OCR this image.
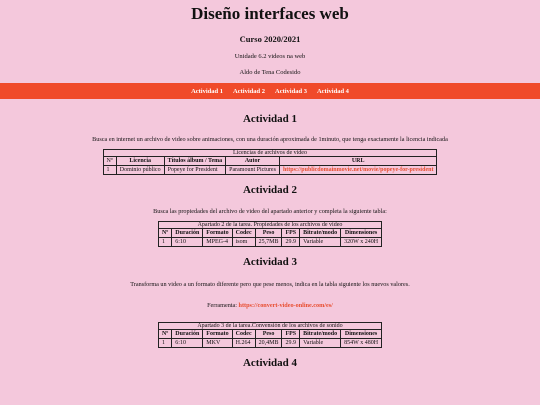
Diseño interfaces web
Curso 2020/2021
Unidade 6.2 videos na web
Aldo de Tena Codesido
Actividad 1 Actividad 2 Actividad 3 Actividad 4
Actividad 1

Busca en internet un archivo de video sobre animaciones, con una duración aproximada de 1minuto, que tenga exactamente la licencia indicada

Licencias de archivos de video
Nº	Licencia	Títulos álbum / Tema	Autor	URL
1	Dominio público	Popeye for President	Paramount Pictures	https://publicdomainmovie.net/movie/popeye-for-president
Actividad 2

Busca las propiedades del archivo de video del apartado anterior y completa la siguiente tabla:

Apartado 2 de la tarea. Propiedades de los archivos de video
Nº	Duración	Formato	Codec	Peso	FPS	Bitrate/modo	Dimensiones
1	6:10	MPEG-4	isom	25,7MB	29.9	Variable	320W x 240H
Actividad 3

Transforma un video a un formato diferente pero que pese menos, indica en la tabla siguiente los nuevos valores.

Ferramenta: https://convert-video-online.com/es/

Apartado 3 de la tarea.Convensión de los archivos de sonido
Nº	Duración	Formato	Codec	Peso	FPS	Bitrate/modo	Dimensiones
1	6:10	MKV	H.264	20,4MB	29.9	Variable	854W x 480H
Actividad 4
